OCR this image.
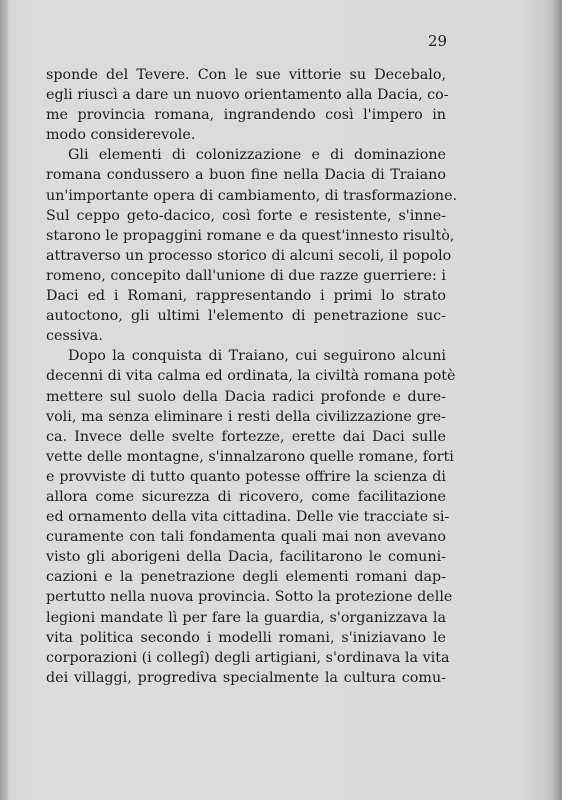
29
sponde del Tevere. Con le sue vittorie su Decebalo,
egli riuscì a dare un nuovo orientamento alla Dacia, co-
me provincia romana, ingrandendo così l'impero in
modo considerevole.
Gli elementi di colonizzazione e di dominazione
romana condussero a buon fine nella Dacia di Traiano
un'importante opera di cambiamento, di trasformazione.
Sul ceppo geto-dacico, così forte e resistente, s'inne-
starono le propaggini romane e da quest'innesto risultò,
attraverso un processo storico di alcuni secoli, il popolo
romeno, concepito dall'unione di due razze guerriere: i
Daci ed i Romani, rappresentando i primi lo strato
autoctono, gli ultimi l'elemento di penetrazione suc-
cessiva.
Dopo la conquista di Traiano, cui seguirono alcuni
decenni di vita calma ed ordinata, la civiltà romana potè
mettere sul suolo della Dacia radici profonde e dure-
voli, ma senza eliminare i resti della civilizzazione gre-
ca. Invece delle svelte fortezze, erette dai Daci sulle
vette delle montagne, s'innalzarono quelle romane, forti
e provviste di tutto quanto potesse offrire la scienza di
allora come sicurezza di ricovero, come facilitazione
ed ornamento della vita cittadina. Delle vie tracciate si-
curamente con tali fondamenta quali mai non avevano
visto gli aborigeni della Dacia, facilitarono le comuni-
cazioni e la penetrazione degli elementi romani dap-
pertutto nella nuova provincia. Sotto la protezione delle
legioni mandate lì per fare la guardia, s'organizzava la
vita politica secondo i modelli romani, s'iniziavano le
corporazioni (i collegî) degli artigiani, s'ordinava la vita
dei villaggi, progrediva specialmente la cultura comu-
